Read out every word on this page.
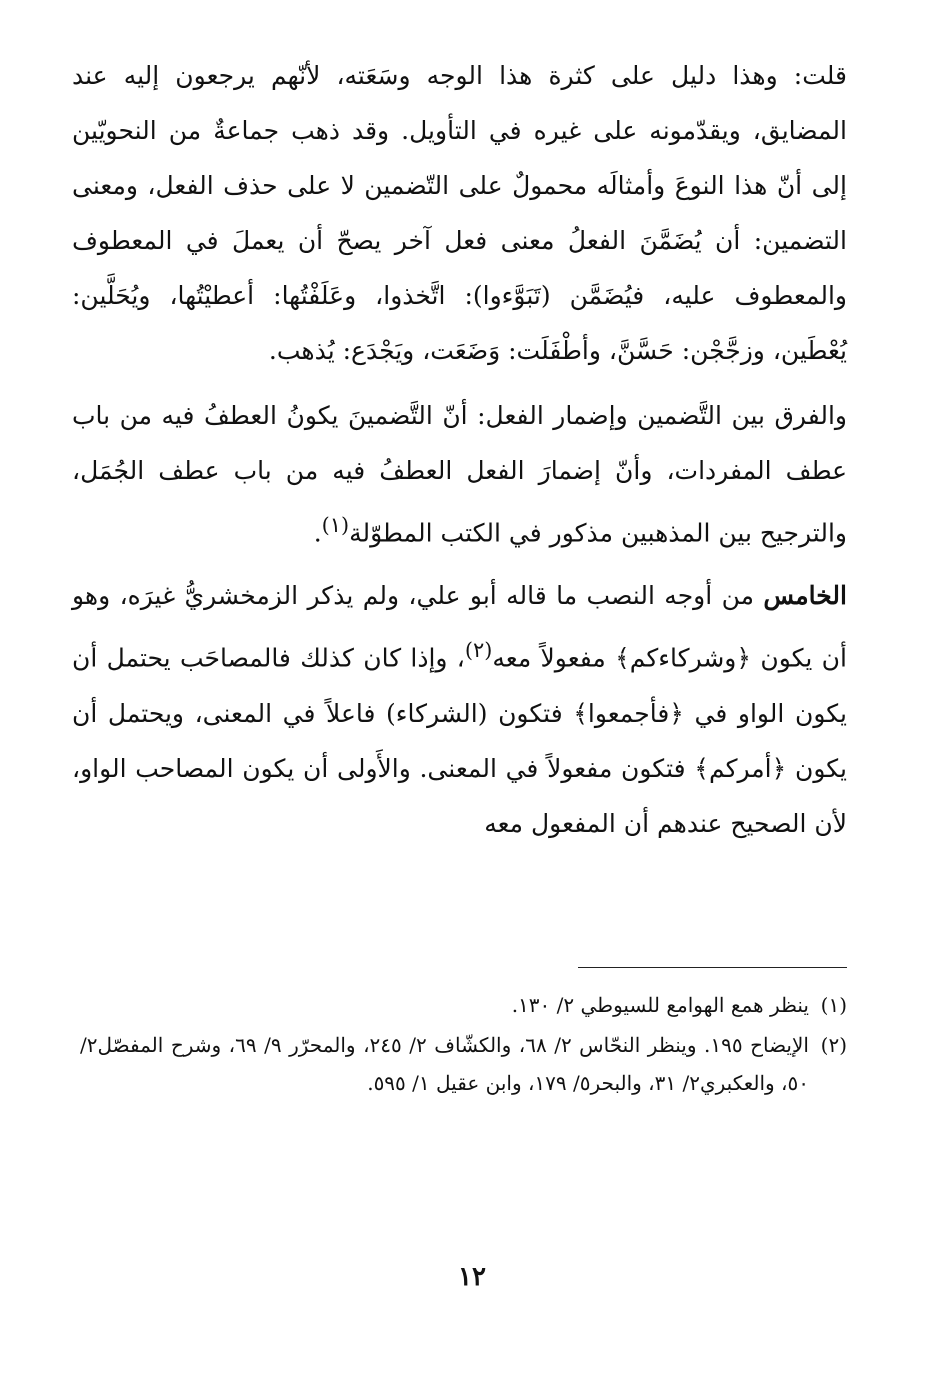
قلت: وهذا دليل على كثرة هذا الوجه وسَعَته، لأنّهم يرجعون إليه عند المضايق، ويقدّمونه على غيره في التأويل. وقد ذهب جماعةٌ من النحويّين إلى أنّ هذا النوعَ وأمثالَه محمولٌ على التّضمين لا على حذف الفعل، ومعنى التضمين: أن يُضَمَّنَ الفعلُ معنى فعل آخر يصحّ أن يعملَ في المعطوف والمعطوف عليه، فيُضَمَّن (تَبَوَّءوا): اتَّخذوا، وعَلَفْتُها: أعطيْتُها، ويُحَلَّين: يُعْطَين، وزجَّجْن: حَسَّنَّ، وأطْفَلَت: وَضَعَت، ويَجْدَع: يُذهب.

والفرق بين التَّضمين وإضمار الفعل: أنّ التَّضمينَ يكونُ العطفُ فيه من باب عطف المفردات، وأنّ إضمارَ الفعل العطفُ فيه من باب عطف الجُمَل، والترجيح بين المذهبين مذكور في الكتب المطوّلة$^{(١)}$.

الخامس من أوجه النصب ما قاله أبو علي، ولم يذكر الزمخشريُّ غيرَه، وهو أن يكون ﴿وشركاءكم﴾ مفعولاً معه$^{(٢)}$، وإذا كان كذلك فالمصاحَب يحتمل أن يكون الواو في ﴿فأجمعوا﴾ فتكون (الشركاء) فاعلاً في المعنى، ويحتمل أن يكون ﴿أمركم﴾ فتكون مفعولاً في المعنى. والأَولى أن يكون المصاحب الواو، لأن الصحيح عندهم أن المفعول معه

(١)
ينظر همع الهوامع للسيوطي ٢/ ١٣٠.
(٢)
الإيضاح ١٩٥. وينظر النحّاس ٢/ ٦٨، والكشّاف ٢/ ٢٤٥، والمحرّر ٩/ ٦٩، وشرح المفصّل٢/ ٥٠، والعكبري٢/ ٣١، والبحر٥/ ١٧٩، وابن عقيل ١/ ٥٩٥.
١٢
